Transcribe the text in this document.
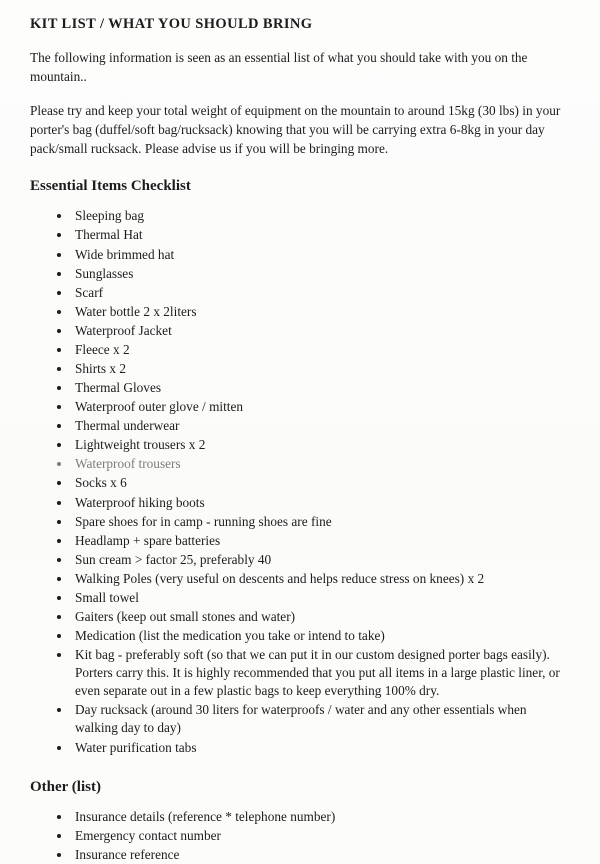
KIT LIST / WHAT YOU SHOULD BRING

The following information is seen as an essential list of what you should take with you on the mountain..

Please try and keep your total weight of equipment on the mountain to around 15kg (30 lbs) in your porter's bag (duffel/soft bag/rucksack) knowing that you will be carrying extra 6-8kg in your day pack/small rucksack. Please advise us if you will be bringing more.

Essential Items Checklist
• Sleeping bag
• Thermal Hat
• Wide brimmed hat
• Sunglasses
• Scarf
• Water bottle 2 x 2liters
• Waterproof Jacket
• Fleece x 2
• Shirts x 2
• Thermal Gloves
• Waterproof outer glove / mitten
• Thermal underwear
• Lightweight trousers x 2
• Waterproof trousers
• Socks x 6
• Waterproof hiking boots
• Spare shoes for in camp - running shoes are fine
• Headlamp + spare batteries
• Sun cream > factor 25, preferably 40
• Walking Poles (very useful on descents and helps reduce stress on knees) x 2
• Small towel
• Gaiters (keep out small stones and water)
• Medication (list the medication you take or intend to take)
• Kit bag - preferably soft (so that we can put it in our custom designed porter bags easily). Porters carry this. It is highly recommended that you put all items in a large plastic liner, or even separate out in a few plastic bags to keep everything 100% dry.
• Day rucksack (around 30 liters for waterproofs / water and any other essentials when walking day to day)
• Water purification tabs
Other (list)
• Insurance details (reference * telephone number)
• Emergency contact number
• Insurance reference
